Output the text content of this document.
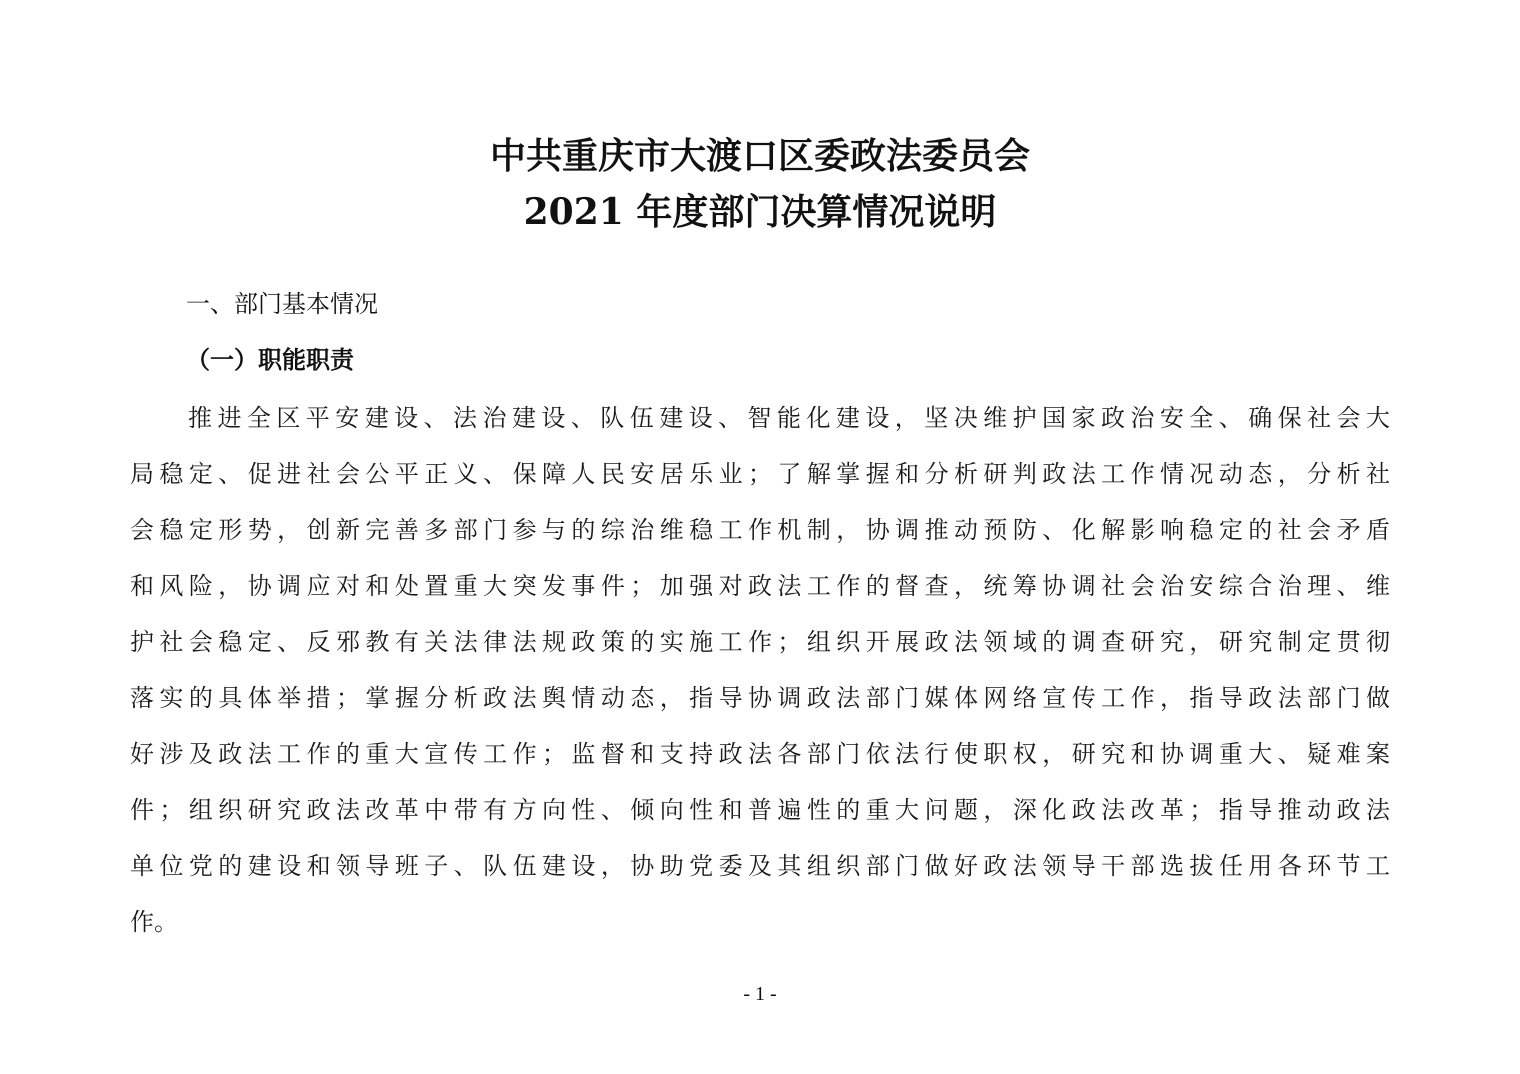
中共重庆市大渡口区委政法委员会
2021 年度部门决算情况说明
一、部门基本情况
（一）职能职责
推进全区平安建设、法治建设、队伍建设、智能化建设，坚决维护国家政治安全、确保社会大
局稳定、促进社会公平正义、保障人民安居乐业；了解掌握和分析研判政法工作情况动态，分析社
会稳定形势，创新完善多部门参与的综治维稳工作机制，协调推动预防、化解影响稳定的社会矛盾
和风险，协调应对和处置重大突发事件；加强对政法工作的督查，统筹协调社会治安综合治理、维
护社会稳定、反邪教有关法律法规政策的实施工作；组织开展政法领域的调查研究，研究制定贯彻
落实的具体举措；掌握分析政法舆情动态，指导协调政法部门媒体网络宣传工作，指导政法部门做
好涉及政法工作的重大宣传工作；监督和支持政法各部门依法行使职权，研究和协调重大、疑难案
件；组织研究政法改革中带有方向性、倾向性和普遍性的重大问题，深化政法改革；指导推动政法
单位党的建设和领导班子、队伍建设，协助党委及其组织部门做好政法领导干部选拔任用各环节工
作。
- 1 -
